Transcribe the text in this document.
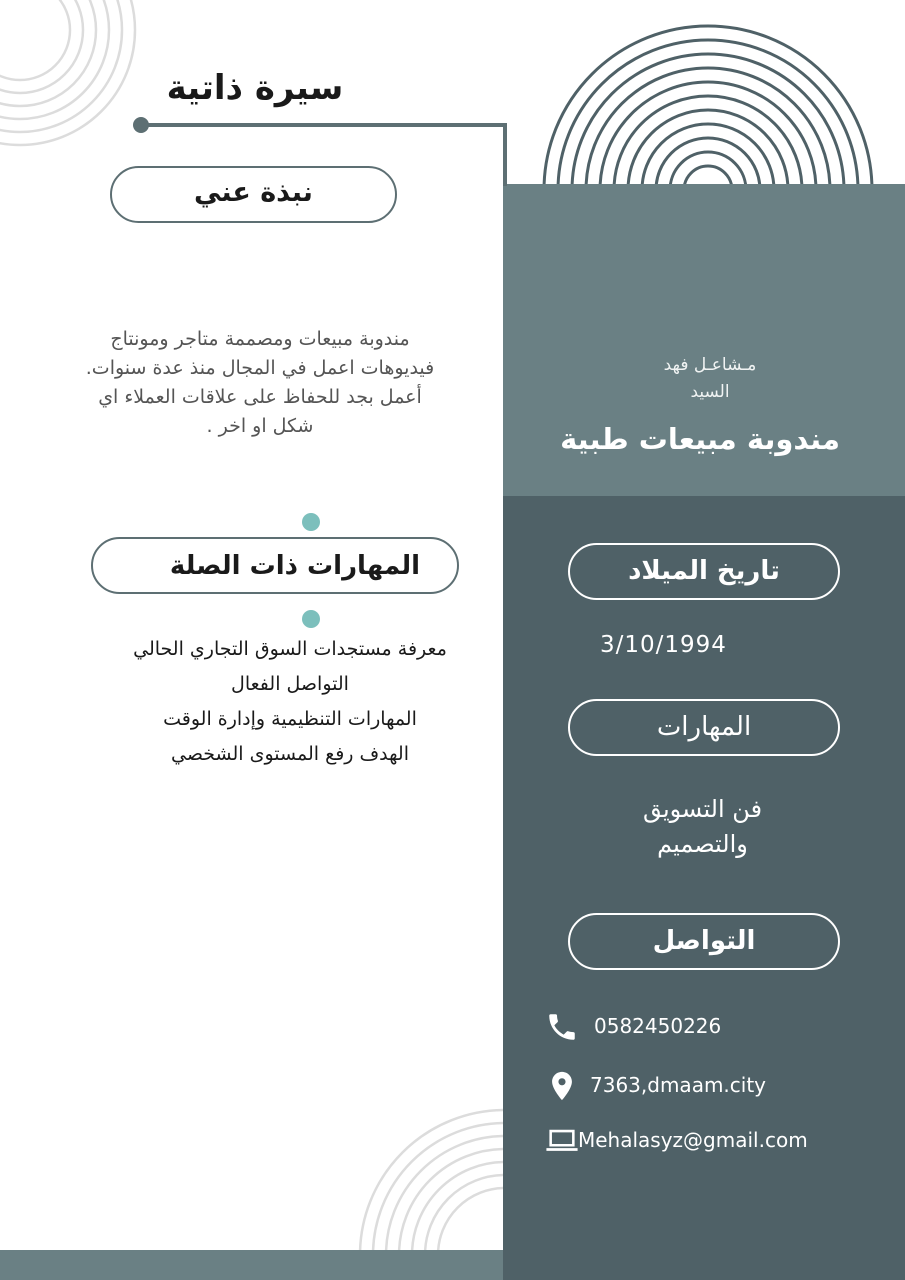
سيرة ذاتية
نبذة عني
مندوبة مبيعات ومصممة متاجر ومونتاج
فيديوهات اعمل في المجال منذ عدة سنوات.
أعمل بجد للحفاظ على علاقات العملاء اي
شكل او اخر .
المهارات ذات الصلة
معرفة مستجدات السوق التجاري الحالي
التواصل الفعال
المهارات التنظيمية وإدارة الوقت
الهدف رفع المستوى الشخصي
مـشاعـل فهد
السيد
مندوبة مبيعات طبية
تاريخ الميلاد
3/10/1994
المهارات
فن التسويق
والتصميم
التواصل
0582450226
7363,dmaam.city
Mehalasyz@gmail.com
